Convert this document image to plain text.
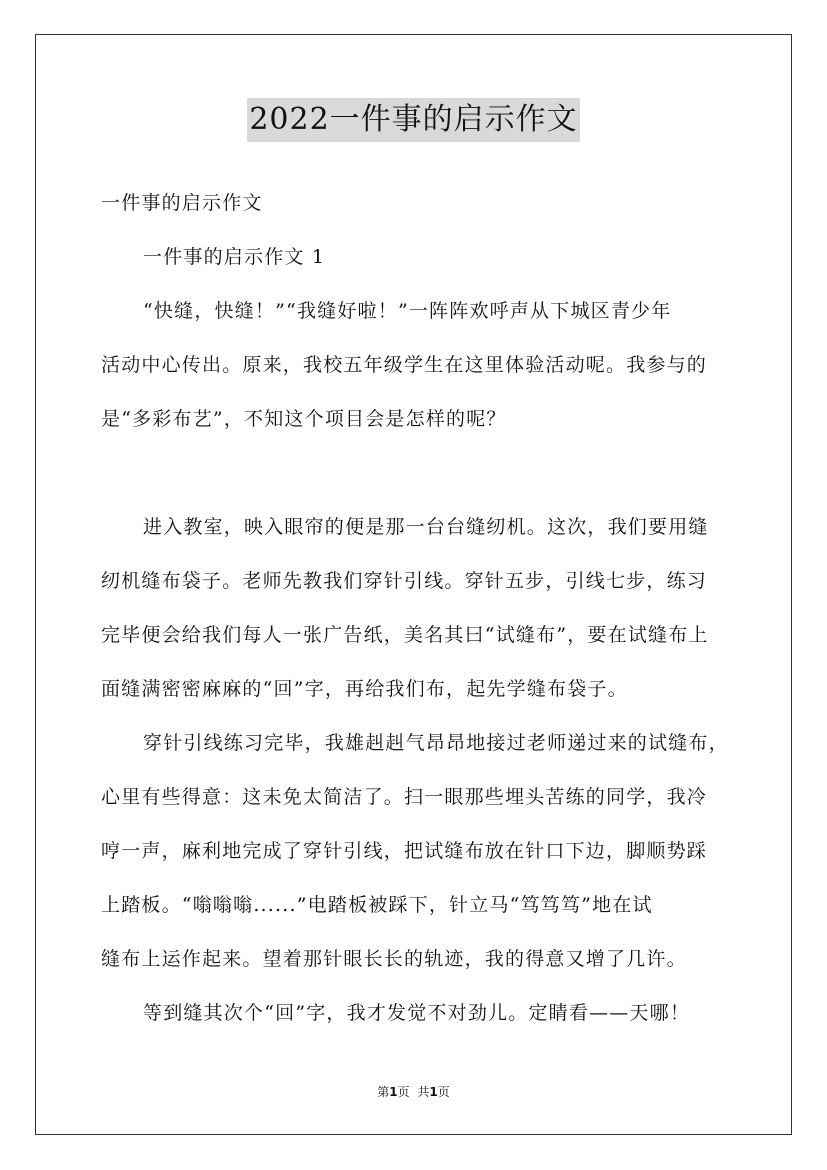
2022一件事的启示作文
一件事的启示作文
一件事的启示作文 1
“快缝，快缝！”“我缝好啦！”一阵阵欢呼声从下城区青少年
活动中心传出。原来，我校五年级学生在这里体验活动呢。我参与的
是“多彩布艺”，不知这个项目会是怎样的呢？
进入教室，映入眼帘的便是那一台台缝纫机。这次，我们要用缝
纫机缝布袋子。老师先教我们穿针引线。穿针五步，引线七步，练习
完毕便会给我们每人一张广告纸，美名其曰“试缝布”，要在试缝布上
面缝满密密麻麻的“回”字，再给我们布，起先学缝布袋子。
穿针引线练习完毕，我雄赳赳气昂昂地接过老师递过来的试缝布，
心里有些得意：这未免太简洁了。扫一眼那些埋头苦练的同学，我冷
哼一声，麻利地完成了穿针引线，把试缝布放在针口下边，脚顺势踩
上踏板。“嗡嗡嗡......”电踏板被踩下，针立马“笃笃笃”地在试
缝布上运作起来。望着那针眼长长的轨迹，我的得意又增了几许。
等到缝其次个“回”字，我才发觉不对劲儿。定睛看——天哪！
第1页 共1页
